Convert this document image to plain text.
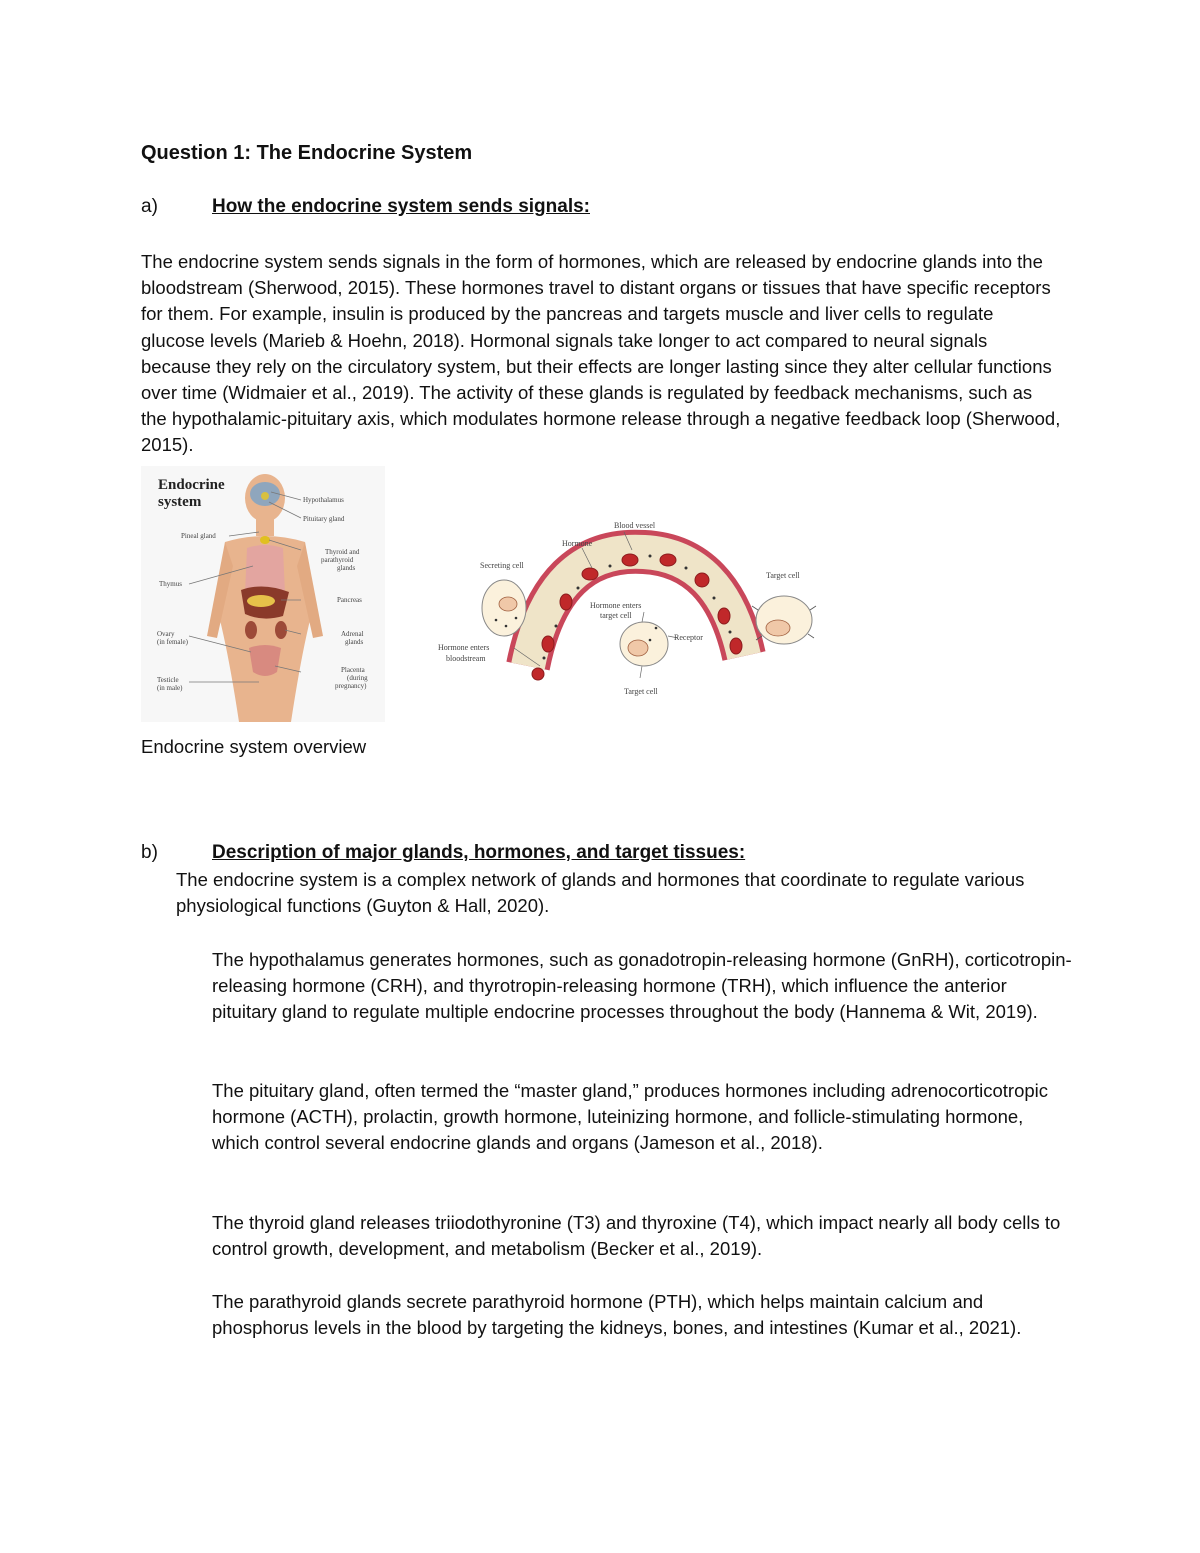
Question 1: The Endocrine System
a)	How the endocrine system sends signals:

The endocrine system sends signals in the form of hormones, which are released by endocrine glands into the bloodstream (Sherwood, 2015). These hormones travel to distant organs or tissues that have specific receptors for them. For example, insulin is produced by the pancreas and targets muscle and liver cells to regulate glucose levels (Marieb & Hoehn, 2018). Hormonal signals take longer to act compared to neural signals because they rely on the circulatory system, but their effects are longer lasting since they alter cellular functions over time (Widmaier et al., 2019). The activity of these glands is regulated by feedback mechanisms, such as the hypothalamic-pituitary axis, which modulates hormone release through a negative feedback loop (Sherwood, 2015).

Endocrine
system	Hypothalamus
Pituitary gland
Pineal gland
Thyroid and
parathyroid
glands
Thymus
Pancreas
Ovary
(in female)
Adrenal
glands
Placenta
(during
pregnancy)
Testicle
(in male)
Blood vessel
Hormone
Secreting cell
Target cell
Hormone enters
target cell
Receptor
Hormone enters
bloodstream
Target cell
Endocrine system overview
b)	Description of major glands, hormones, and target tissues:

The endocrine system is a complex network of glands and hormones that coordinate to regulate various physiological functions (Guyton & Hall, 2020).

The hypothalamus generates hormones, such as gonadotropin-releasing hormone (GnRH), corticotropin-releasing hormone (CRH), and thyrotropin-releasing hormone (TRH), which influence the anterior pituitary gland to regulate multiple endocrine processes throughout the body (Hannema & Wit, 2019).

The pituitary gland, often termed the “master gland,” produces hormones including adrenocorticotropic hormone (ACTH), prolactin, growth hormone, luteinizing hormone, and follicle-stimulating hormone, which control several endocrine glands and organs (Jameson et al., 2018).

The thyroid gland releases triiodothyronine (T3) and thyroxine (T4), which impact nearly all body cells to control growth, development, and metabolism (Becker et al., 2019).

The parathyroid glands secrete parathyroid hormone (PTH), which helps maintain calcium and phosphorus levels in the blood by targeting the kidneys, bones, and intestines (Kumar et al., 2021).
